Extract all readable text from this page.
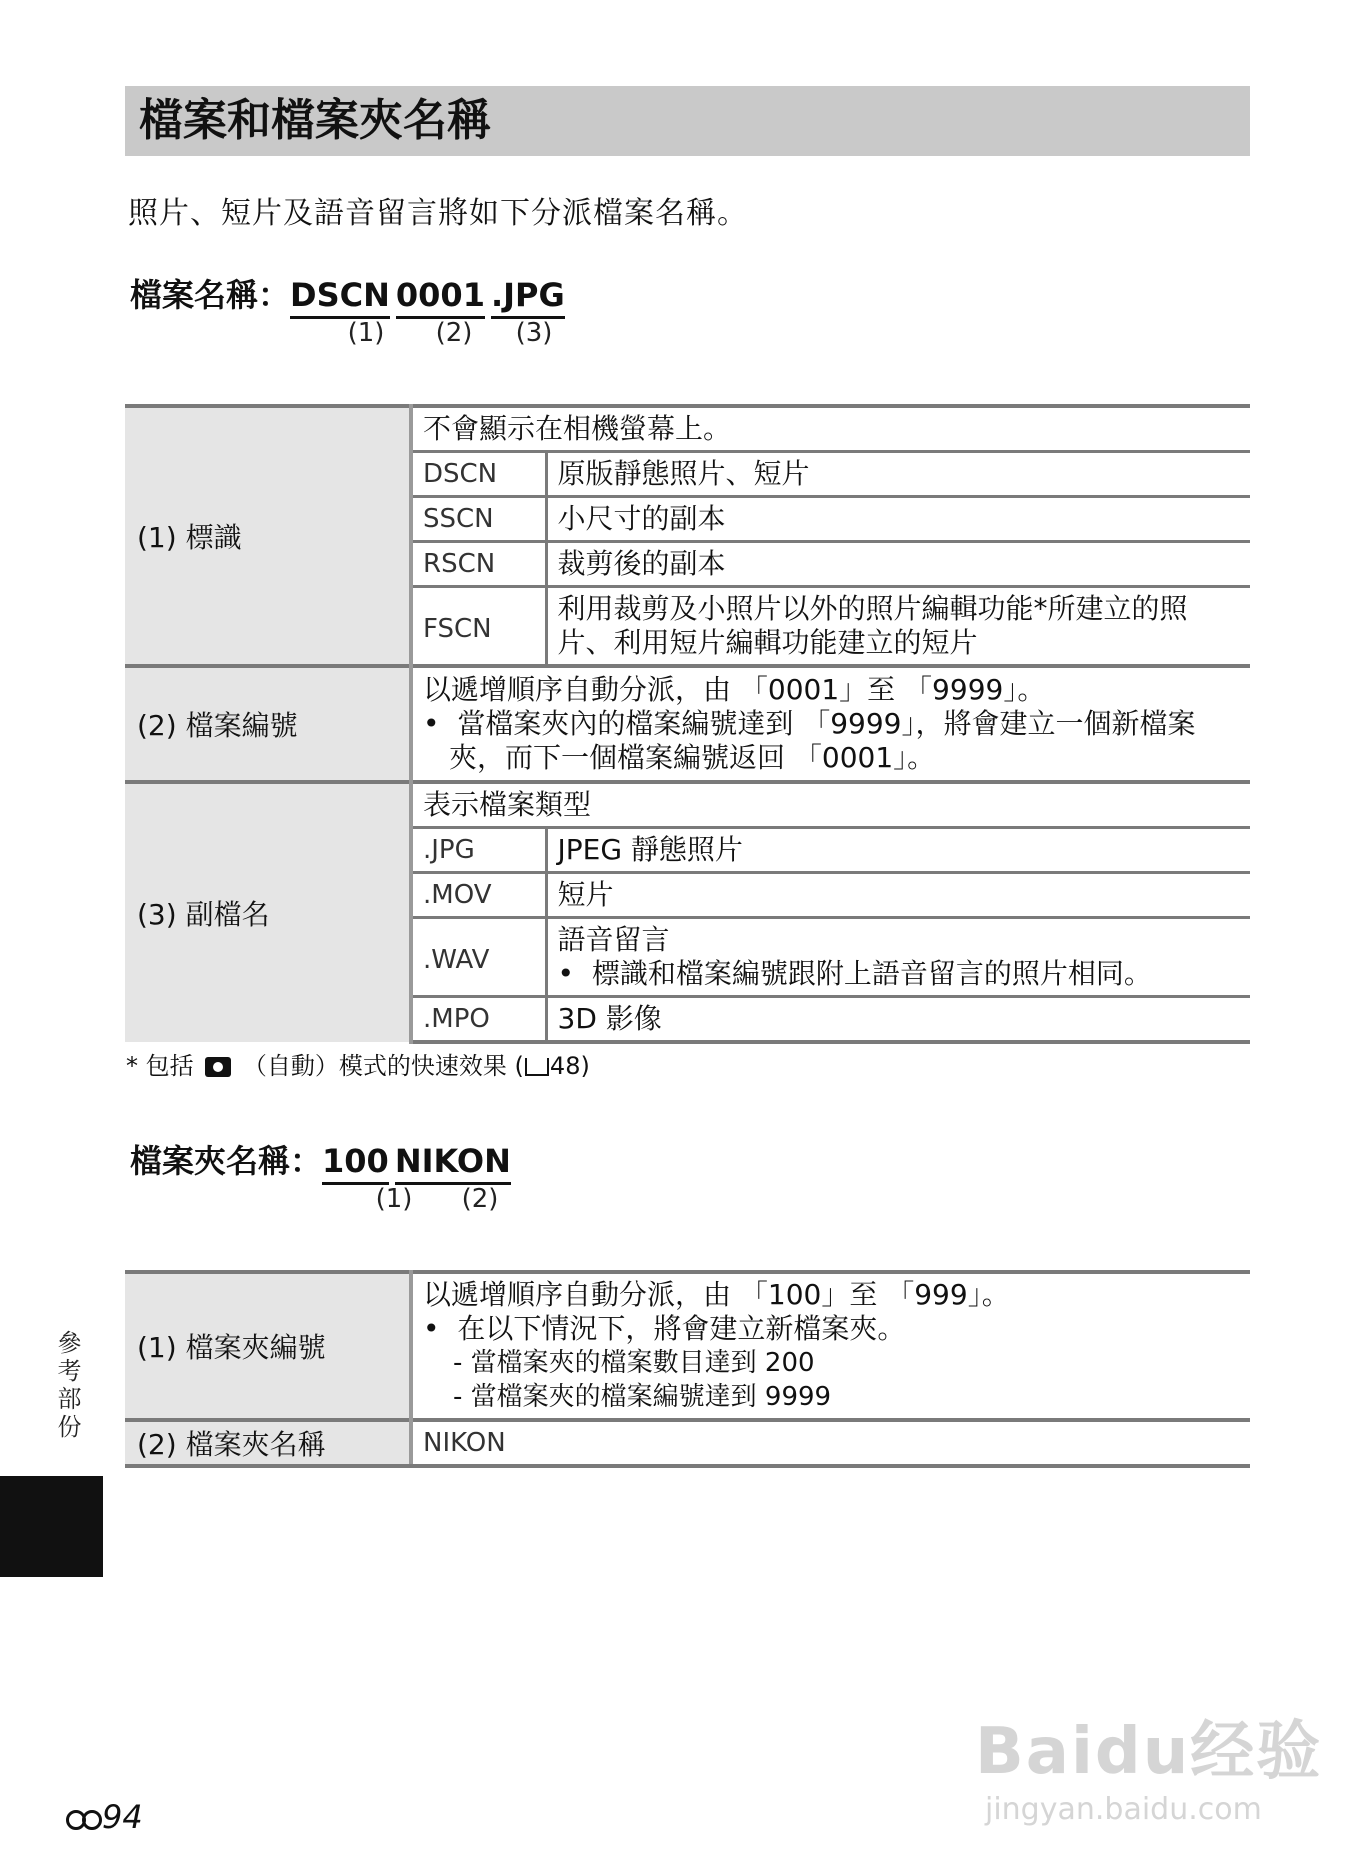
檔案和檔案夾名稱
照片、短片及語音留言將如下分派檔案名稱。
檔案名稱：DSCN 0001 .JPG
(1) (2) (3)
(1) 標識	不會顯示在相機螢幕上。	
	DSCN	原版靜態照片、短片
	SSCN	小尺寸的副本
	RSCN	裁剪後的副本
	FSCN	利用裁剪及小照片以外的照片編輯功能*所建立的照片、利用短片編輯功能建立的短片
(2) 檔案編號	以遞增順序自動分派，由 「0001」至 「9999」。
•  當檔案夾內的檔案編號達到 「9999」，將會建立一個新檔案夾，而下一個檔案編號返回 「0001」。	

(3) 副檔名	表示檔案類型	
	.JPG	JPEG 靜態照片
	.MOV	短片
	.WAV	語音留言
•  標識和檔案編號跟附上語音留言的照片相同。

	.MPO	3D 影像
* 包括 （自動）模式的快速效果 ( 48)
檔案夾名稱：100 NIKON
(1) (2)
(1) 檔案夾編號	以遞增順序自動分派，由 「100」至 「999」。
•  在以下情況下，將會建立新檔案夾。
- 當檔案夾的檔案數目達到 200
- 當檔案夾的檔案編號達到 9999

(2) 檔案夾名稱	NIKON
參考部份
94
Baidu经验
jingyan.baidu.com
